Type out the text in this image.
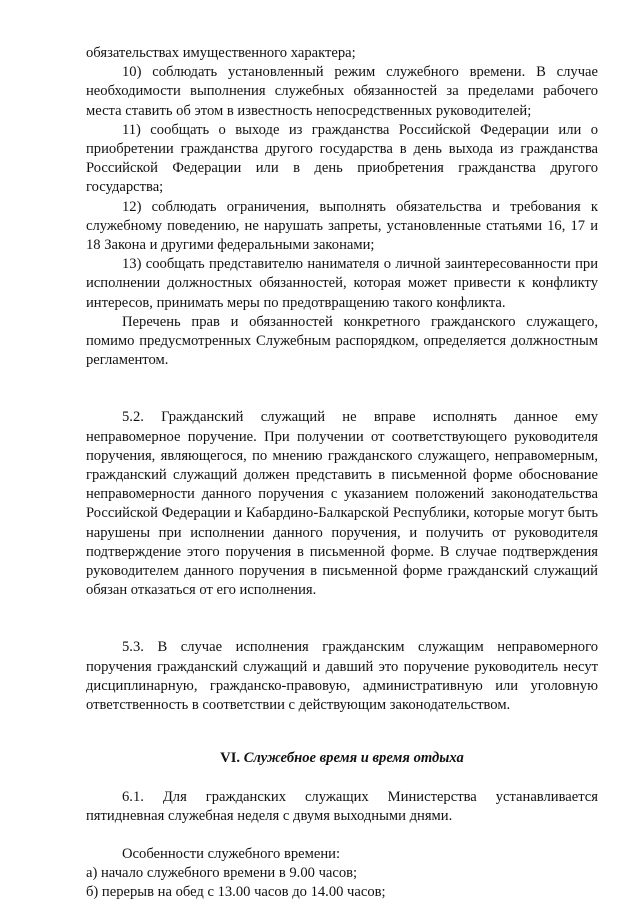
обязательствах имущественного характера;

10) соблюдать установленный режим служебного времени. В случае необходимости выполнения служебных обязанностей за пределами рабочего места ставить об этом в известность непосредственных руководителей;

11) сообщать о выходе из гражданства Российской Федерации или о приобретении гражданства другого государства в день выхода из гражданства Российской Федерации или в день приобретения гражданства другого государства;

12) соблюдать ограничения, выполнять обязательства и требования к служебному поведению, не нарушать запреты, установленные статьями 16, 17 и 18 Закона и другими федеральными законами;

13) сообщать представителю нанимателя о личной заинтересованности при исполнении должностных обязанностей, которая может привести к конфликту интересов, принимать меры по предотвращению такого конфликта.

Перечень прав и обязанностей конкретного гражданского служащего, помимо предусмотренных Служебным распорядком, определяется должностным регламентом.

5.2. Гражданский служащий не вправе исполнять данное ему неправомерное поручение. При получении от соответствующего руководителя поручения, являющегося, по мнению гражданского служащего, неправомерным, гражданский служащий должен представить в письменной форме обоснование неправомерности данного поручения с указанием положений законодательства Российской Федерации и Кабардино-Балкарской Республики, которые могут быть нарушены при исполнении данного поручения, и получить от руководителя подтверждение этого поручения в письменной форме. В случае подтверждения руководителем данного поручения в письменной форме гражданский служащий обязан отказаться от его исполнения.

5.3. В случае исполнения гражданским служащим неправомерного поручения гражданский служащий и давший это поручение руководитель несут дисциплинарную, гражданско-правовую, административную или уголовную ответственность в соответствии с действующим законодательством.

VI. Служебное время и время отдыха

6.1. Для гражданских служащих Министерства устанавливается пятидневная служебная неделя с двумя выходными днями.

Особенности служебного времени:

а) начало служебного времени в 9.00 часов;

б) перерыв на обед с 13.00 часов до 14.00 часов;
